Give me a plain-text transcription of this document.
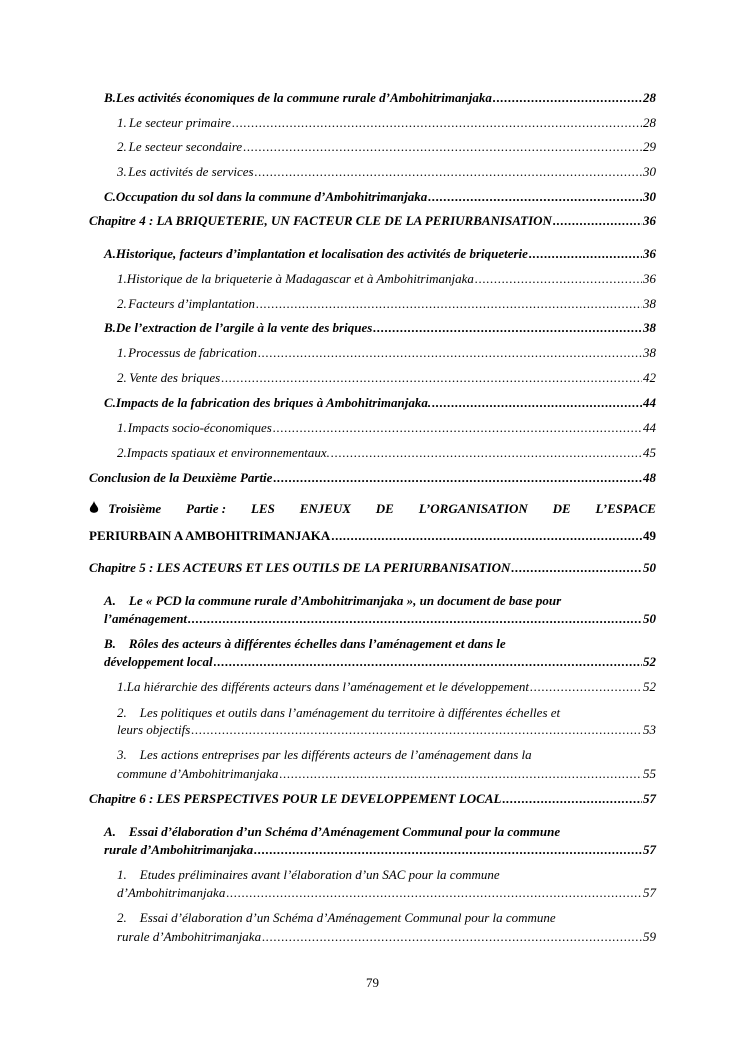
B. Les activités économiques de la commune rurale d’Ambohitrimanjaka .....	28
1. Le secteur primaire .....	28
2. Le secteur secondaire .....	29
3. Les activités de services .....	30
C. Occupation du sol dans la commune d’Ambohitrimanjaka .....	30
Chapitre 4 : LA BRIQUETERIE, UN FACTEUR CLE DE LA PERIURBANISATION .....	36
A. Historique, facteurs d’implantation et localisation des activités de briqueterie .....	36
1. Historique de la briqueterie à Madagascar et à Ambohitrimanjaka .....	36
2. Facteurs d’implantation .....	38
B. De l’extraction de l’argile à la vente des briques .....	38
1. Processus de fabrication .....	38
2. Vente des briques .....	42
C. Impacts de la fabrication des briques à Ambohitrimanjaka. .....	44
1. Impacts socio-économiques .....	44
2. Impacts spatiaux et environnementaux. .....	45
Conclusion de la Deuxième Partie .....	48
Troisième Partie : LES ENJEUX DE L’ORGANISATION DE L’ESPACE
PERIURBAIN A AMBOHITRIMANJAKA .....	49
Chapitre 5 : LES ACTEURS ET LES OUTILS DE LA PERIURBANISATION .....	50
A.    Le « PCD la commune rurale d’Ambohitrimanjaka », un document de base pour
l’aménagement .....	50
B.    Rôles des acteurs à différentes échelles dans l’aménagement et dans le
développement local .....	52
1. La hiérarchie des différents acteurs dans l’aménagement et le développement .....	52
2.    Les politiques et outils dans l’aménagement du territoire à différentes échelles et
leurs objectifs .....	53
3.    Les actions entreprises par les différents acteurs de l’aménagement dans la
commune d’Ambohitrimanjaka .....	55
Chapitre 6 : LES PERSPECTIVES POUR LE DEVELOPPEMENT LOCAL .....	57
A.    Essai d’élaboration d’un Schéma d’Aménagement Communal pour la commune
rurale d’Ambohitrimanjaka .....	57
1.    Etudes préliminaires avant l’élaboration d’un SAC pour la commune
d’Ambohitrimanjaka .....	57
2.    Essai d’élaboration d’un Schéma d’Aménagement Communal pour la commune
rurale d’Ambohitrimanjaka .....	59
79
